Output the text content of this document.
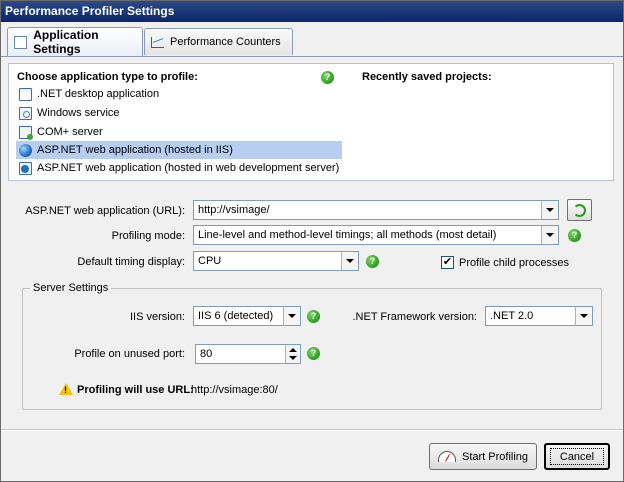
Performance Profiler Settings
Application Settings	Performance Counters
Choose application type to profile:	?	Recently saved projects:
.NET desktop application
Windows service
COM+ server
ASP.NET web application (hosted in IIS)
ASP.NET web application (hosted in web development server)
ASP.NET web application (URL): http://vsimage/
Profiling mode: Line-level and method-level timings; all methods (most detail)	?
Default timing display: CPU	?	✔ Profile child processes
Server Settings
IIS version: IIS 6 (detected)	?	.NET Framework version: .NET 2.0
Profile on unused port: 80	?
! Profiling will use URL:
http://vsimage:80/
Start Profiling	Cancel
